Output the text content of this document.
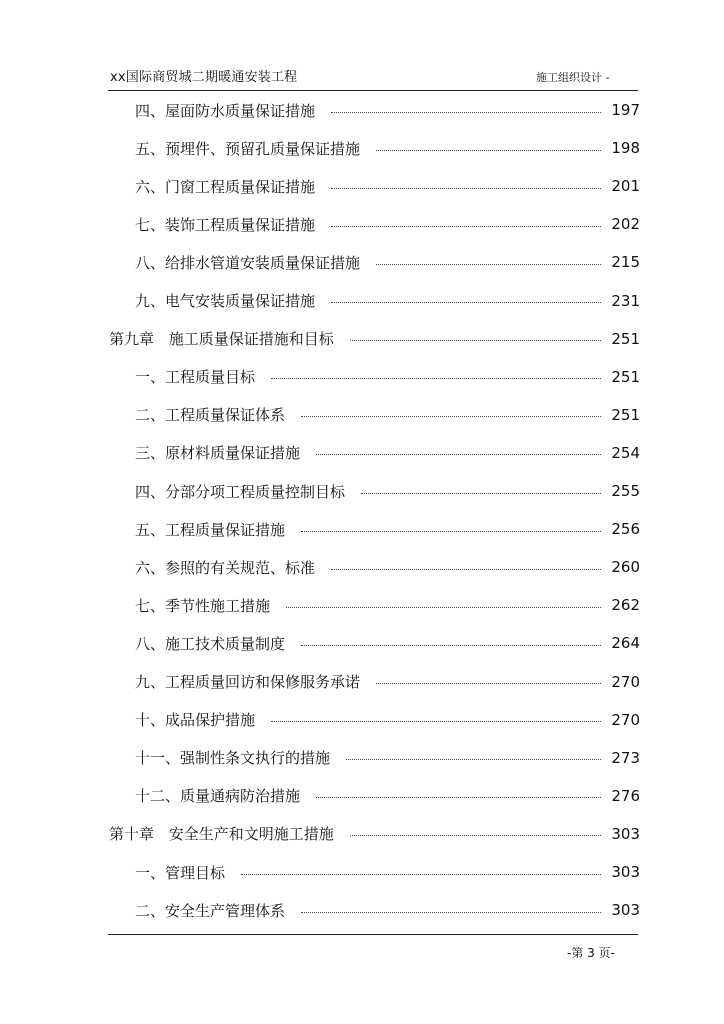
xx国际商贸城二期暖通安装工程	施工组织设计 -
四、屋面防水质量保证措施	197
五、预埋件、预留孔质量保证措施	198
六、门窗工程质量保证措施	201
七、装饰工程质量保证措施	202
八、给排水管道安装质量保证措施	215
九、电气安装质量保证措施	231
第九章 施工质量保证措施和目标	251
一、工程质量目标	251
二、工程质量保证体系	251
三、原材料质量保证措施	254
四、分部分项工程质量控制目标	255
五、工程质量保证措施	256
六、参照的有关规范、标准	260
七、季节性施工措施	262
八、施工技术质量制度	264
九、工程质量回访和保修服务承诺	270
十、成品保护措施	270
十一、强制性条文执行的措施	273
十二、质量通病防治措施	276
第十章 安全生产和文明施工措施	303
一、管理目标	303
二、安全生产管理体系	303
-第 3 页-
